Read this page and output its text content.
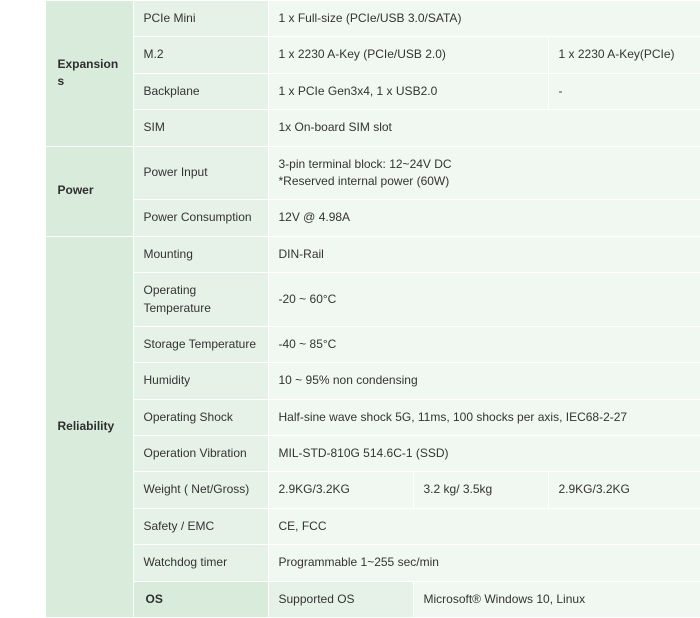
	Expansions	PCIe Mini	1 x Full-size (PCIe/USB 3.0/SATA)		
		M.2	1 x 2230 A-Key (PCIe/USB 2.0)		1 x 2230 A-Key(PCIe)
		Backplane	1 x PCIe Gen3x4, 1 x USB2.0		-
		SIM	1x On-board SIM slot		
	Power	Power Input	3-pin terminal block: 12~24V DC
*Reserved internal power (60W)		

		Power Consumption	12V @ 4.98A		
	Reliability	Mounting	DIN-Rail		

		Operating
Temperature	-20 ~ 60°C		
		Storage Temperature	-40 ~ 85°C		
		Humidity	10 ~ 95% non condensing		
		Operating Shock	Half-sine wave shock 5G, 11ms, 100 shocks per axis, IEC68-2-27		
		Operation Vibration	MIL-STD-810G 514.6C-1 (SSD)		
		Weight ( Net/Gross)	2.9KG/3.2KG	3.2 kg/ 3.5kg	2.9KG/3.2KG
		Safety / EMC	CE, FCC		
		Watchdog timer	Programmable 1~255 sec/min		
		OS	Supported OS	Microsoft® Windows 10, Linux	
